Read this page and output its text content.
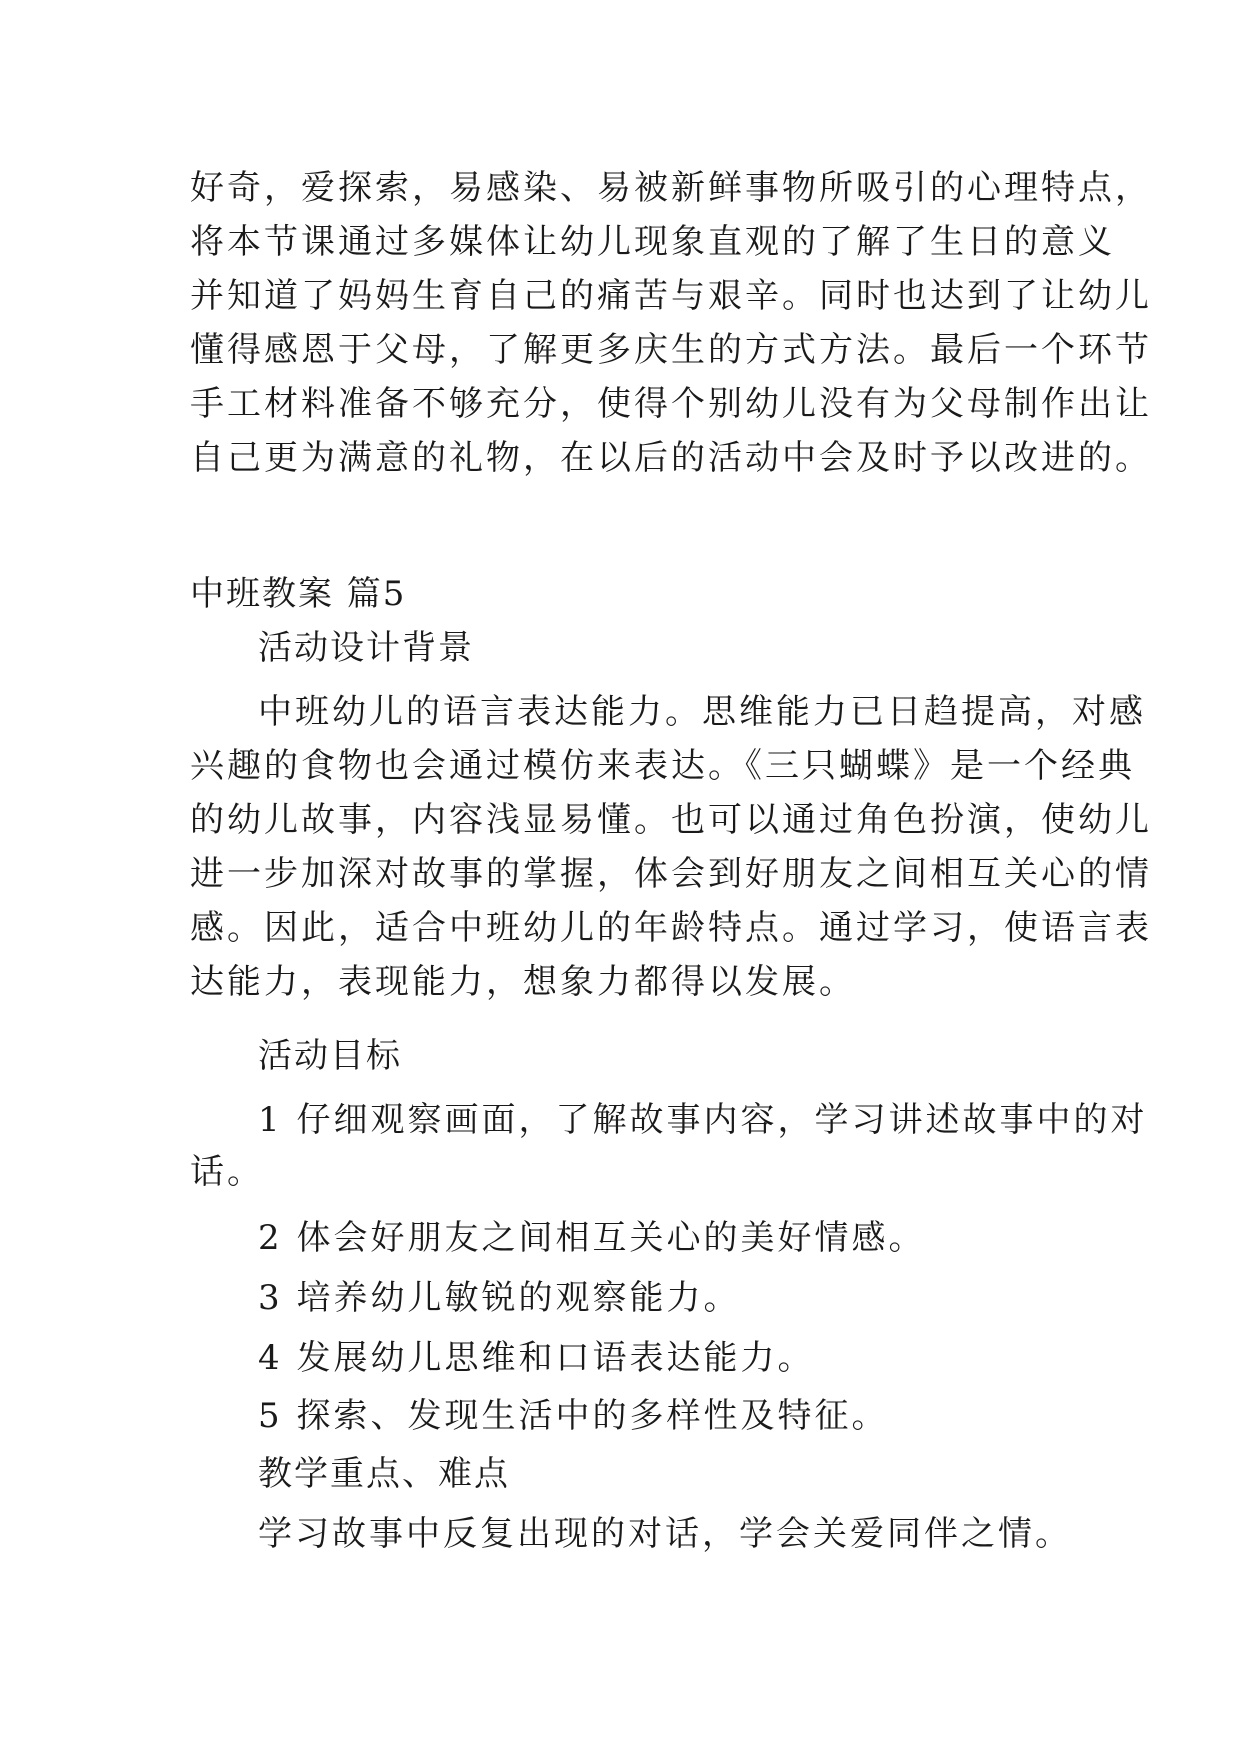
好奇，爱探索，易感染、易被新鲜事物所吸引的心理特点，
将本节课通过多媒体让幼儿现象直观的了解了生日的意义
并知道了妈妈生育自己的痛苦与艰辛。同时也达到了让幼儿
懂得感恩于父母，了解更多庆生的方式方法。最后一个环节
手工材料准备不够充分，使得个别幼儿没有为父母制作出让
自己更为满意的礼物，在以后的活动中会及时予以改进的。
中班教案 篇5
活动设计背景
中班幼儿的语言表达能力。思维能力已日趋提高，对感
兴趣的食物也会通过模仿来表达。《三只蝴蝶》是一个经典
的幼儿故事，内容浅显易懂。也可以通过角色扮演，使幼儿
进一步加深对故事的掌握，体会到好朋友之间相互关心的情
感。因此，适合中班幼儿的年龄特点。通过学习，使语言表
达能力，表现能力，想象力都得以发展。
活动目标
1 仔细观察画面，了解故事内容，学习讲述故事中的对
话。
2 体会好朋友之间相互关心的美好情感。
3 培养幼儿敏锐的观察能力。
4 发展幼儿思维和口语表达能力。
5 探索、发现生活中的多样性及特征。
教学重点、难点
学习故事中反复出现的对话，学会关爱同伴之情。
